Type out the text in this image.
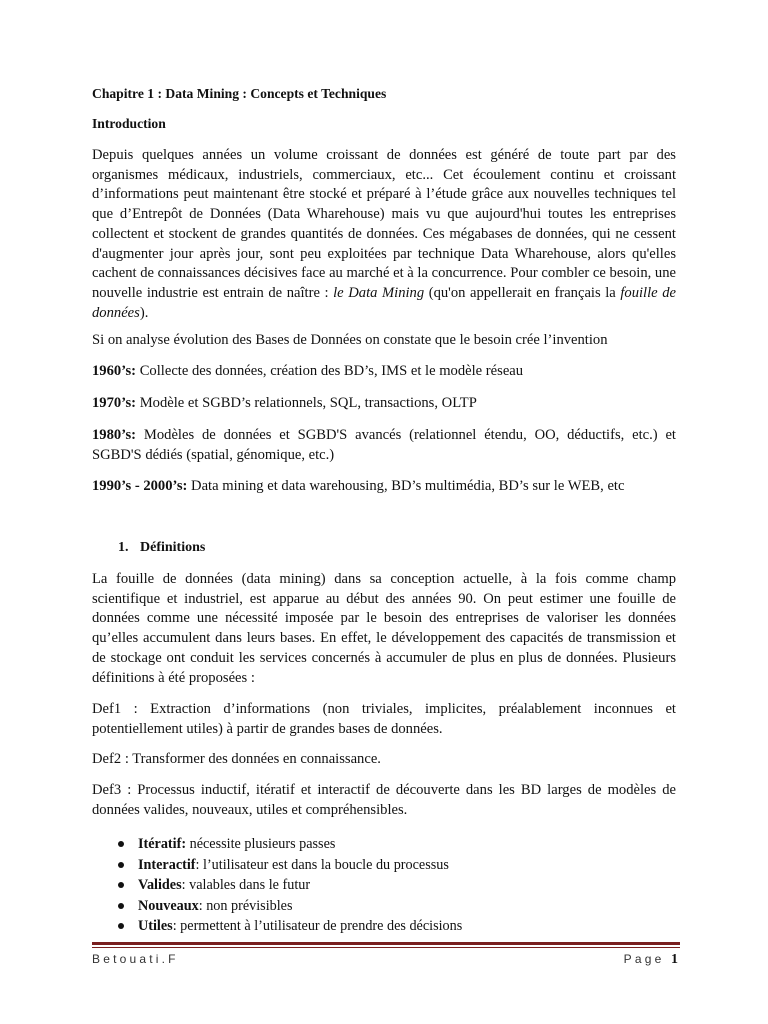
Chapitre 1 : Data Mining : Concepts et Techniques
Introduction

Depuis quelques années un volume croissant de données est généré de toute part par des organismes médicaux, industriels, commerciaux, etc... Cet écoulement continu et croissant d’informations peut maintenant être stocké et préparé à l’étude grâce aux nouvelles techniques tel que d’Entrepôt de Données (Data Wharehouse) mais vu que aujourd'hui toutes les entreprises collectent et stockent de grandes quantités de données. Ces mégabases de données, qui ne cessent d'augmenter jour après jour, sont peu exploitées par technique Data Wharehouse, alors qu'elles cachent de connaissances décisives face au marché et à la concurrence. Pour combler ce besoin, une nouvelle industrie est entrain de naître : le Data Mining (qu'on appellerait en français la fouille de données).

Si on analyse évolution des Bases de Données on constate que le besoin crée l’invention

1960’s: Collecte des données, création des BD’s, IMS et le modèle réseau

1970’s: Modèle et SGBD’s relationnels, SQL, transactions, OLTP

1980’s: Modèles de données et SGBD'S avancés (relationnel étendu, OO, déductifs, etc.) et SGBD'S dédiés (spatial, génomique, etc.)

1990’s - 2000’s: Data mining et data warehousing, BD’s multimédia, BD’s sur le WEB, etc

1. Définitions

La fouille de données (data mining) dans sa conception actuelle, à la fois comme champ scientifique et industriel, est apparue au début des années 90. On peut estimer une fouille de données comme une nécessité imposée par le besoin des entreprises de valoriser les données qu’elles accumulent dans leurs bases. En effet, le développement des capacités de transmission et de stockage ont conduit les services concernés à accumuler de plus en plus de données. Plusieurs définitions à été proposées :

Def1 : Extraction d’informations (non triviales, implicites, préalablement inconnues et potentiellement utiles) à partir de grandes bases de données.

Def2 : Transformer des données en connaissance.

Def3 : Processus inductif, itératif et interactif de découverte dans les BD larges de modèles de données valides, nouveaux, utiles et compréhensibles.

Itératif: nécessite plusieurs passes
Interactif: l’utilisateur est dans la boucle du processus
Valides: valables dans le futur
Nouveaux: non prévisibles
Utiles: permettent à l’utilisateur de prendre des décisions
Betouati.F	Page 1
